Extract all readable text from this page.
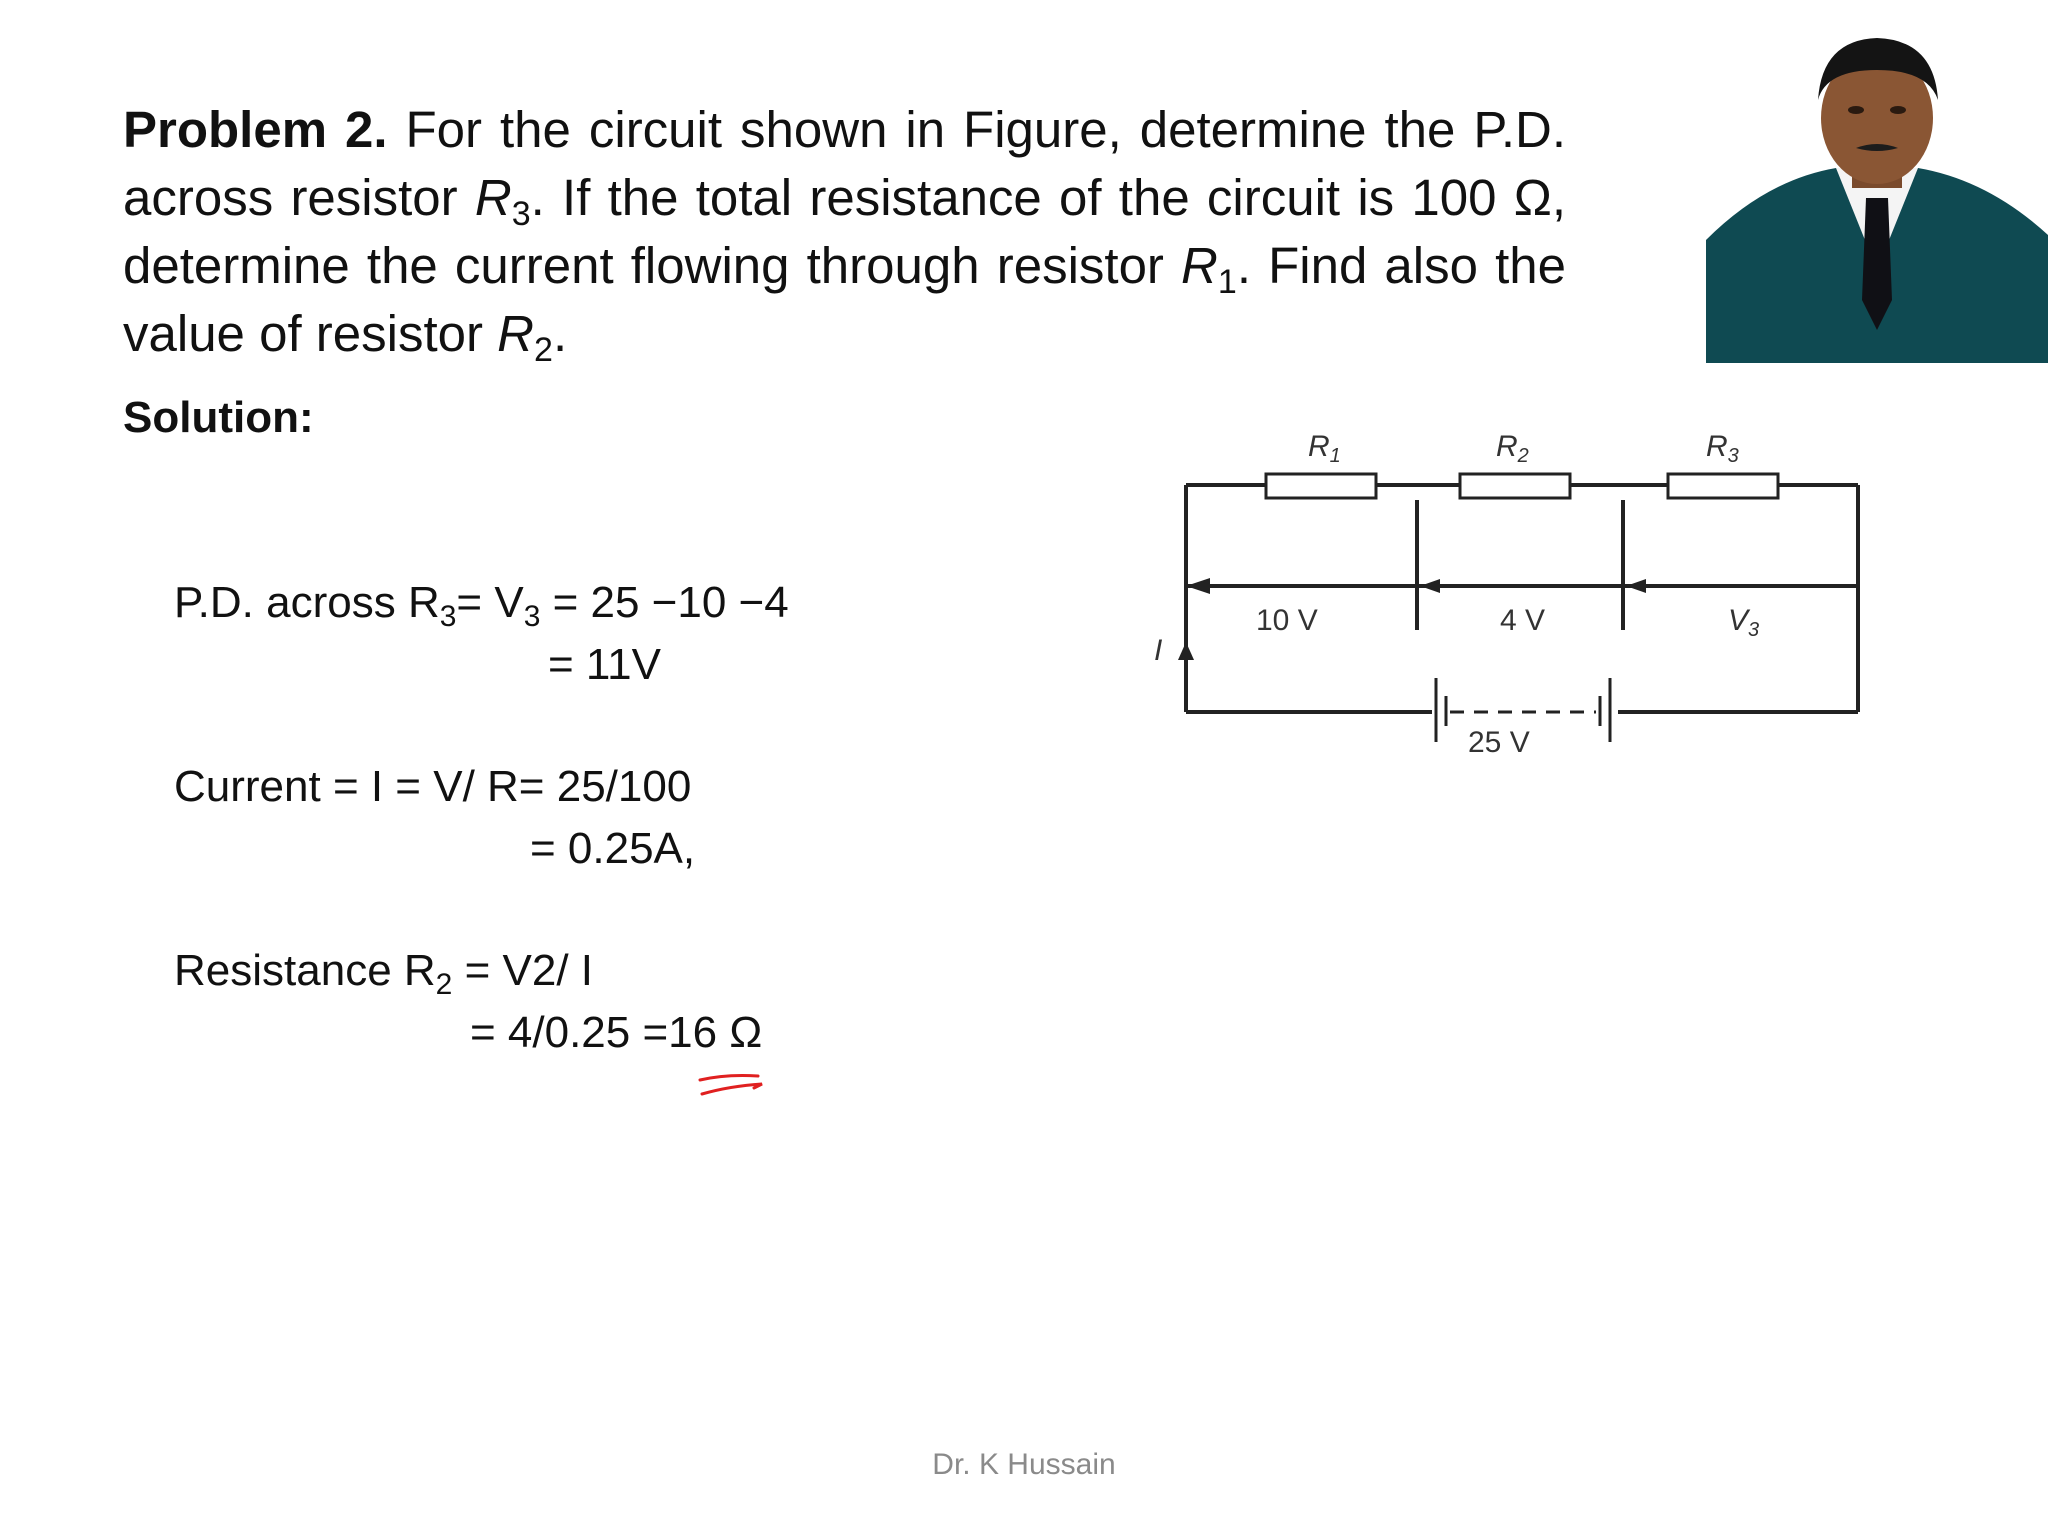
Problem 2. For the circuit shown in Figure, determine the P.D. across resistor $R_3$. If the total resistance of the circuit is 100 Ω, determine the current flowing through resistor $R_1$. Find also the value of resistor $R_2$.
Solution:
P.D. across $R_3= V_3 = 25 -10 -4$
= 11V
Current = I = V/ R= 25/100
= 0.25A,
Resistance $R_2 = V2/$ I
= 4/0.25 =16 Ω
$R_1$	$R_2$	$R_3$
10 V	4 V	$V_3$
I
25 V
Dr. K Hussain
